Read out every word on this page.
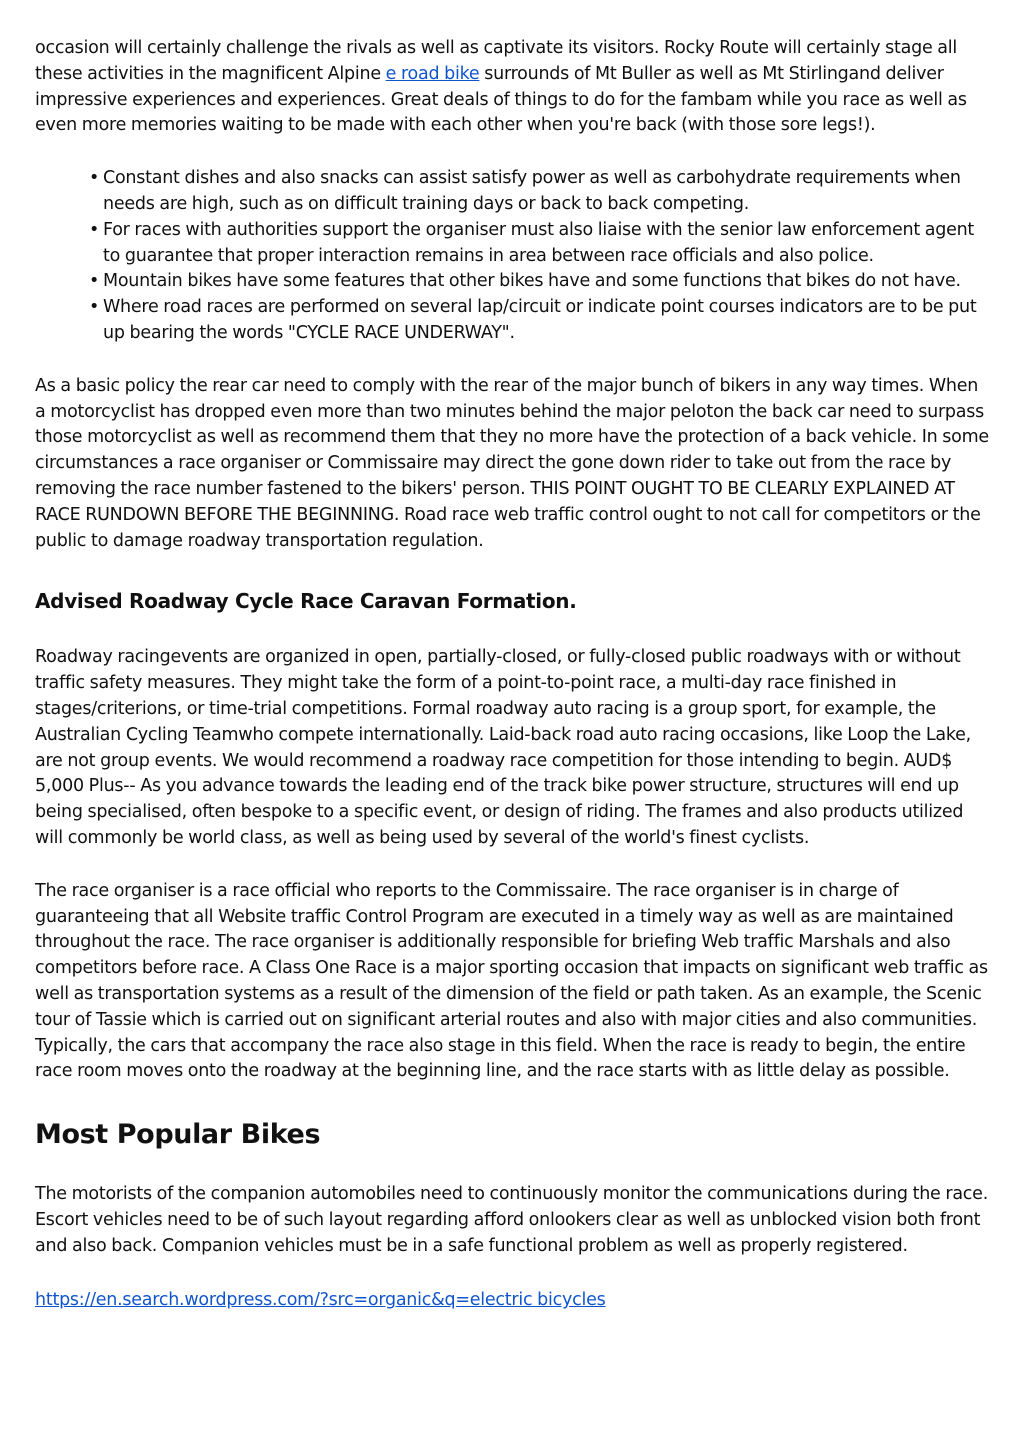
occasion will certainly challenge the rivals as well as captivate its visitors. Rocky Route will certainly stage all these activities in the magnificent Alpine e road bike surrounds of Mt Buller as well as Mt Stirlingand deliver impressive experiences and experiences. Great deals of things to do for the fambam while you race as well as even more memories waiting to be made with each other when you're back (with those sore legs!).

• Constant dishes and also snacks can assist satisfy power as well as carbohydrate requirements when needs are high, such as on difficult training days or back to back competing.
• For races with authorities support the organiser must also liaise with the senior law enforcement agent to guarantee that proper interaction remains in area between race officials and also police.
• Mountain bikes have some features that other bikes have and some functions that bikes do not have.
• Where road races are performed on several lap/circuit or indicate point courses indicators are to be put up bearing the words "CYCLE RACE UNDERWAY".

As a basic policy the rear car need to comply with the rear of the major bunch of bikers in any way times. When a motorcyclist has dropped even more than two minutes behind the major peloton the back car need to surpass those motorcyclist as well as recommend them that they no more have the protection of a back vehicle. In some circumstances a race organiser or Commissaire may direct the gone down rider to take out from the race by removing the race number fastened to the bikers' person. THIS POINT OUGHT TO BE CLEARLY EXPLAINED AT RACE RUNDOWN BEFORE THE BEGINNING. Road race web traffic control ought to not call for competitors or the public to damage roadway transportation regulation.

Advised Roadway Cycle Race Caravan Formation.

Roadway racingevents are organized in open, partially-closed, or fully-closed public roadways with or without traffic safety measures. They might take the form of a point-to-point race, a multi-day race finished in stages/criterions, or time-trial competitions. Formal roadway auto racing is a group sport, for example, the Australian Cycling Teamwho compete internationally. Laid-back road auto racing occasions, like Loop the Lake, are not group events. We would recommend a roadway race competition for those intending to begin. AUD$ 5,000 Plus-- As you advance towards the leading end of the track bike power structure, structures will end up being specialised, often bespoke to a specific event, or design of riding. The frames and also products utilized will commonly be world class, as well as being used by several of the world's finest cyclists.

The race organiser is a race official who reports to the Commissaire. The race organiser is in charge of guaranteeing that all Website traffic Control Program are executed in a timely way as well as are maintained throughout the race. The race organiser is additionally responsible for briefing Web traffic Marshals and also competitors before race. A Class One Race is a major sporting occasion that impacts on significant web traffic as well as transportation systems as a result of the dimension of the field or path taken. As an example, the Scenic tour of Tassie which is carried out on significant arterial routes and also with major cities and also communities. Typically, the cars that accompany the race also stage in this field. When the race is ready to begin, the entire race room moves onto the roadway at the beginning line, and the race starts with as little delay as possible.

Most Popular Bikes

The motorists of the companion automobiles need to continuously monitor the communications during the race. Escort vehicles need to be of such layout regarding afford onlookers clear as well as unblocked vision both front and also back. Companion vehicles must be in a safe functional problem as well as properly registered.

https://en.search.wordpress.com/?src=organic&q=electric bicycles
